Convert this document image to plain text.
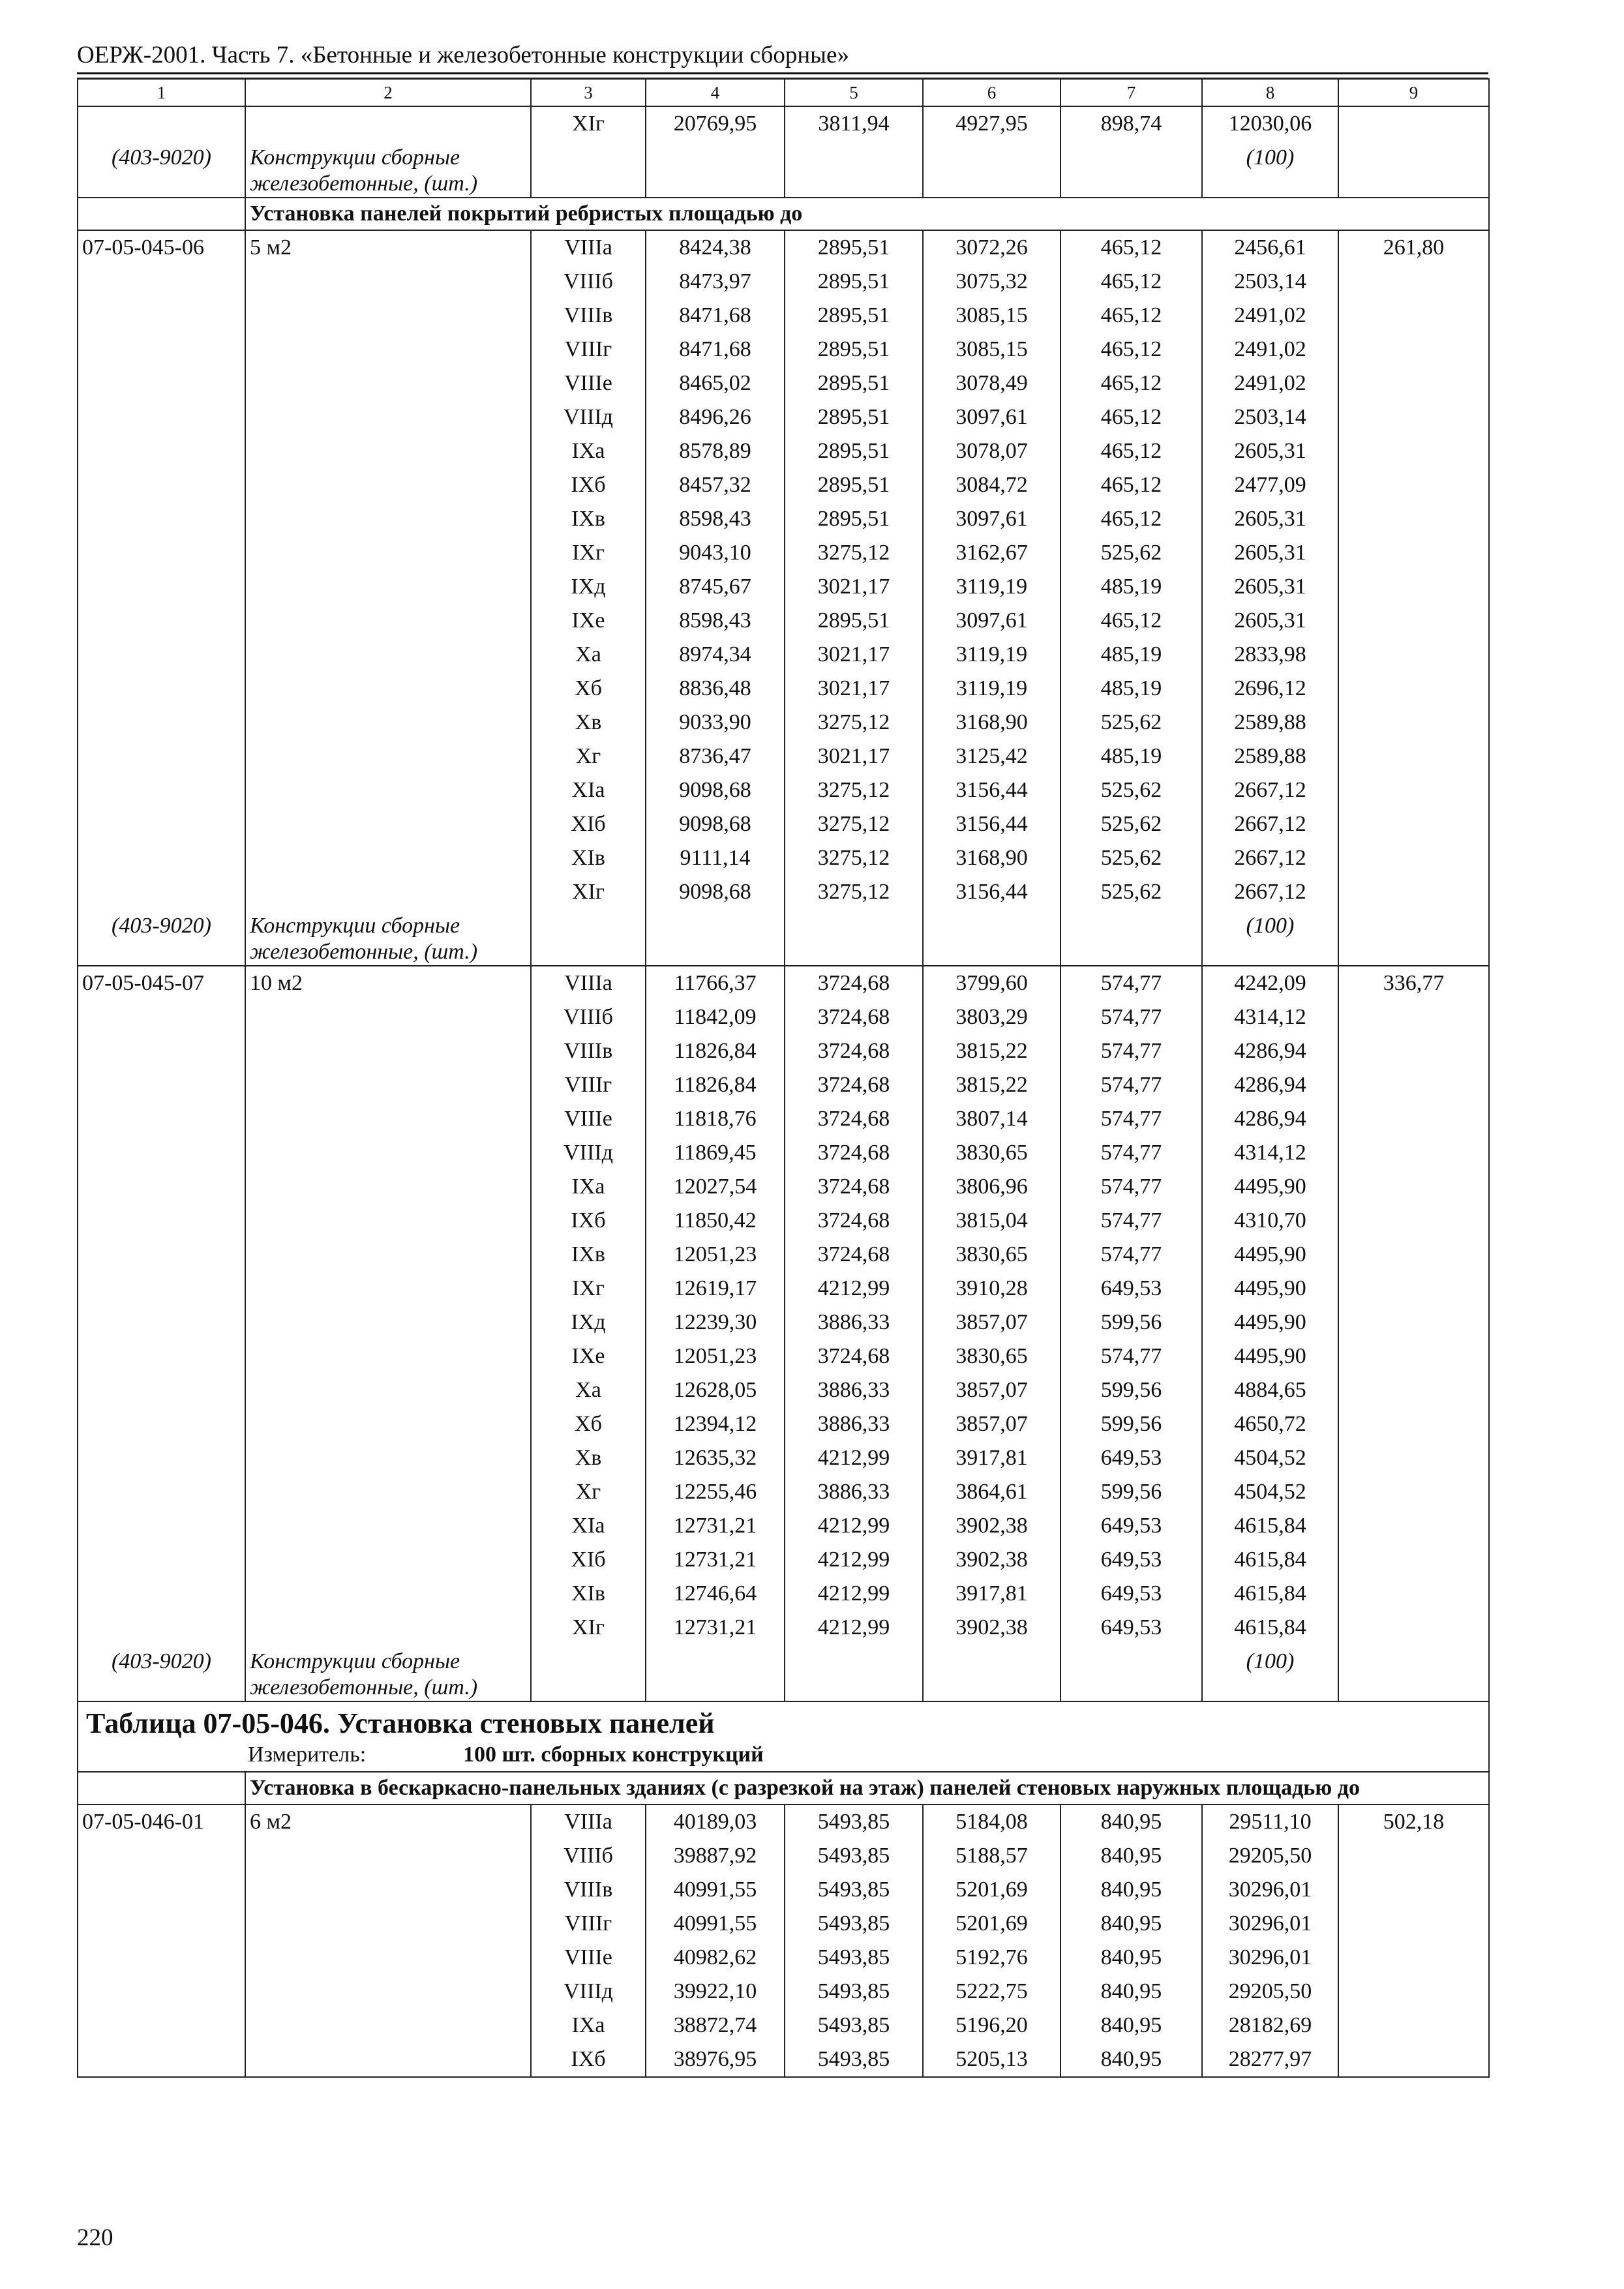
ОЕРЖ-2001. Часть 7. «Бетонные и железобетонные конструкции сборные»
1	2	3	4	5	6	7	8	9
		XIг	20769,95	3811,94	4927,95	898,74	12030,06	
(403-9020)	Конструкции сборные железобетонные, (шт.)						(100)	
	Установка панелей покрытий ребристых площадью до							
07-05-045-06	5 м2	VIIIа	8424,38	2895,51	3072,26	465,12	2456,61	261,80
		VIIIб	8473,97	2895,51	3075,32	465,12	2503,14	
		VIIIв	8471,68	2895,51	3085,15	465,12	2491,02	
		VIIIг	8471,68	2895,51	3085,15	465,12	2491,02	
		VIIIе	8465,02	2895,51	3078,49	465,12	2491,02	
		VIIIд	8496,26	2895,51	3097,61	465,12	2503,14	
		IXа	8578,89	2895,51	3078,07	465,12	2605,31	
		IXб	8457,32	2895,51	3084,72	465,12	2477,09	
		IXв	8598,43	2895,51	3097,61	465,12	2605,31	
		IXг	9043,10	3275,12	3162,67	525,62	2605,31	
		IXд	8745,67	3021,17	3119,19	485,19	2605,31	
		IXе	8598,43	2895,51	3097,61	465,12	2605,31	
		Xа	8974,34	3021,17	3119,19	485,19	2833,98	
		Xб	8836,48	3021,17	3119,19	485,19	2696,12	
		Xв	9033,90	3275,12	3168,90	525,62	2589,88	
		Xг	8736,47	3021,17	3125,42	485,19	2589,88	
		XIа	9098,68	3275,12	3156,44	525,62	2667,12	
		XIб	9098,68	3275,12	3156,44	525,62	2667,12	
		XIв	9111,14	3275,12	3168,90	525,62	2667,12	
		XIг	9098,68	3275,12	3156,44	525,62	2667,12	
(403-9020)	Конструкции сборные железобетонные, (шт.)						(100)	
07-05-045-07	10 м2	VIIIа	11766,37	3724,68	3799,60	574,77	4242,09	336,77
		VIIIб	11842,09	3724,68	3803,29	574,77	4314,12	
		VIIIв	11826,84	3724,68	3815,22	574,77	4286,94	
		VIIIг	11826,84	3724,68	3815,22	574,77	4286,94	
		VIIIе	11818,76	3724,68	3807,14	574,77	4286,94	
		VIIIд	11869,45	3724,68	3830,65	574,77	4314,12	
		IXа	12027,54	3724,68	3806,96	574,77	4495,90	
		IXб	11850,42	3724,68	3815,04	574,77	4310,70	
		IXв	12051,23	3724,68	3830,65	574,77	4495,90	
		IXг	12619,17	4212,99	3910,28	649,53	4495,90	
		IXд	12239,30	3886,33	3857,07	599,56	4495,90	
		IXе	12051,23	3724,68	3830,65	574,77	4495,90	
		Xа	12628,05	3886,33	3857,07	599,56	4884,65	
		Xб	12394,12	3886,33	3857,07	599,56	4650,72	
		Xв	12635,32	4212,99	3917,81	649,53	4504,52	
		Xг	12255,46	3886,33	3864,61	599,56	4504,52	
		XIа	12731,21	4212,99	3902,38	649,53	4615,84	
		XIб	12731,21	4212,99	3902,38	649,53	4615,84	
		XIв	12746,64	4212,99	3917,81	649,53	4615,84	
		XIг	12731,21	4212,99	3902,38	649,53	4615,84	
(403-9020)	Конструкции сборные железобетонные, (шт.)						(100)	

Таблица 07-05-046. Установка стеновых панелей
Измеритель: 100 шт. сборных конструкций								

	Установка в бескаркасно-панельных зданиях (с разрезкой на этаж) панелей стеновых наружных площадью до							
07-05-046-01	6 м2	VIIIа	40189,03	5493,85	5184,08	840,95	29511,10	502,18
		VIIIб	39887,92	5493,85	5188,57	840,95	29205,50	
		VIIIв	40991,55	5493,85	5201,69	840,95	30296,01	
		VIIIг	40991,55	5493,85	5201,69	840,95	30296,01	
		VIIIе	40982,62	5493,85	5192,76	840,95	30296,01	
		VIIIд	39922,10	5493,85	5222,75	840,95	29205,50	
		IXа	38872,74	5493,85	5196,20	840,95	28182,69	
		IXб	38976,95	5493,85	5205,13	840,95	28277,97	
220
